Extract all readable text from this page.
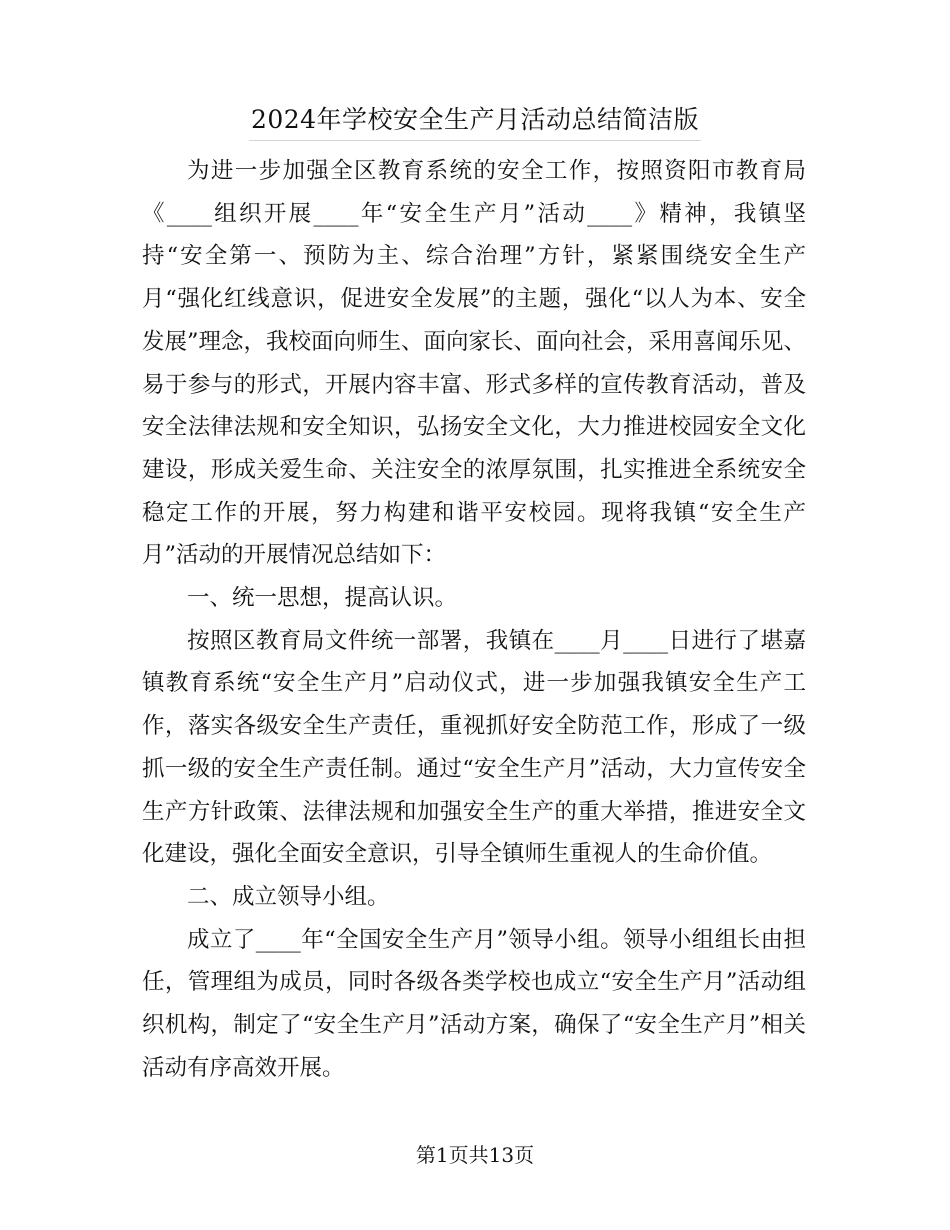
2024年学校安全生产月活动总结简洁版

为进一步加强全区教育系统的安全工作，按照资阳市教育局《____组织开展____年“安全生产月”活动____》精神，我镇坚持“安全第一、预防为主、综合治理”方针，紧紧围绕安全生产月“强化红线意识，促进安全发展”的主题，强化“以人为本、安全发展”理念，我校面向师生、面向家长、面向社会，采用喜闻乐见、易于参与的形式，开展内容丰富、形式多样的宣传教育活动，普及安全法律法规和安全知识，弘扬安全文化，大力推进校园安全文化建设，形成关爱生命、关注安全的浓厚氛围，扎实推进全系统安全稳定工作的开展，努力构建和谐平安校园。现将我镇“安全生产月”活动的开展情况总结如下：

一、统一思想，提高认识。

按照区教育局文件统一部署，我镇在____月____日进行了堪嘉镇教育系统“安全生产月”启动仪式，进一步加强我镇安全生产工作，落实各级安全生产责任，重视抓好安全防范工作，形成了一级抓一级的安全生产责任制。通过“安全生产月”活动，大力宣传安全生产方针政策、法律法规和加强安全生产的重大举措，推进安全文化建设，强化全面安全意识，引导全镇师生重视人的生命价值。

二、成立领导小组。

成立了____年“全国安全生产月”领导小组。领导小组组长由担任，管理组为成员，同时各级各类学校也成立“安全生产月”活动组织机构，制定了“安全生产月”活动方案，确保了“安全生产月”相关活动有序高效开展。

第1页共13页
